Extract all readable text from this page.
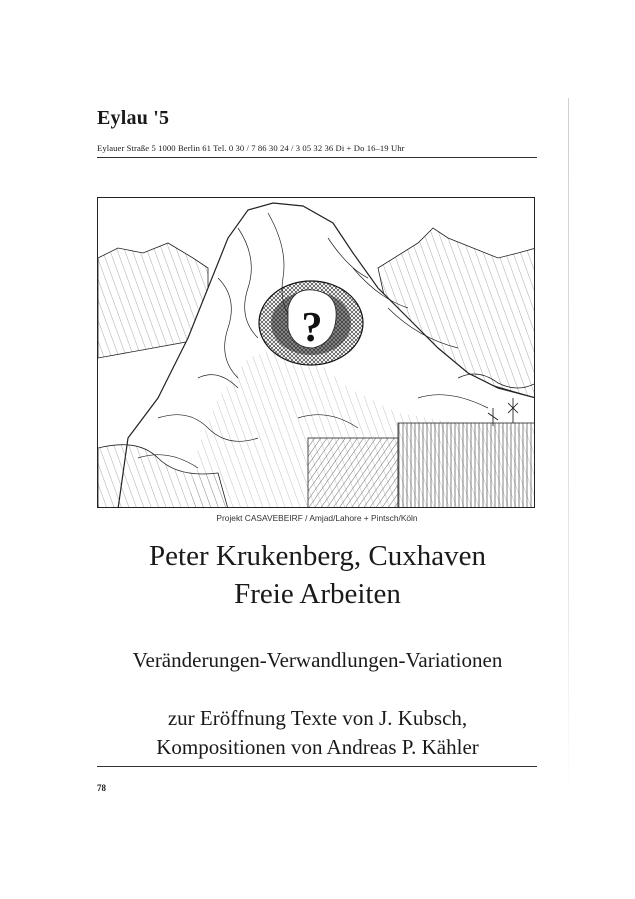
Eylau '5
Eylauer Straße 5 1000 Berlin 61 Tel. 0 30 / 7 86 30 24 / 3 05 32 36 Di + Do 16–19 Uhr
?
Projekt CASAVEBEIRF / Amjad/Lahore + Pintsch/Köln
Peter Krukenberg, Cuxhaven
Freie Arbeiten
Veränderungen-Verwandlungen-Variationen
zur Eröffnung Texte von J. Kubsch,
Kompositionen von Andreas P. Kähler
78
